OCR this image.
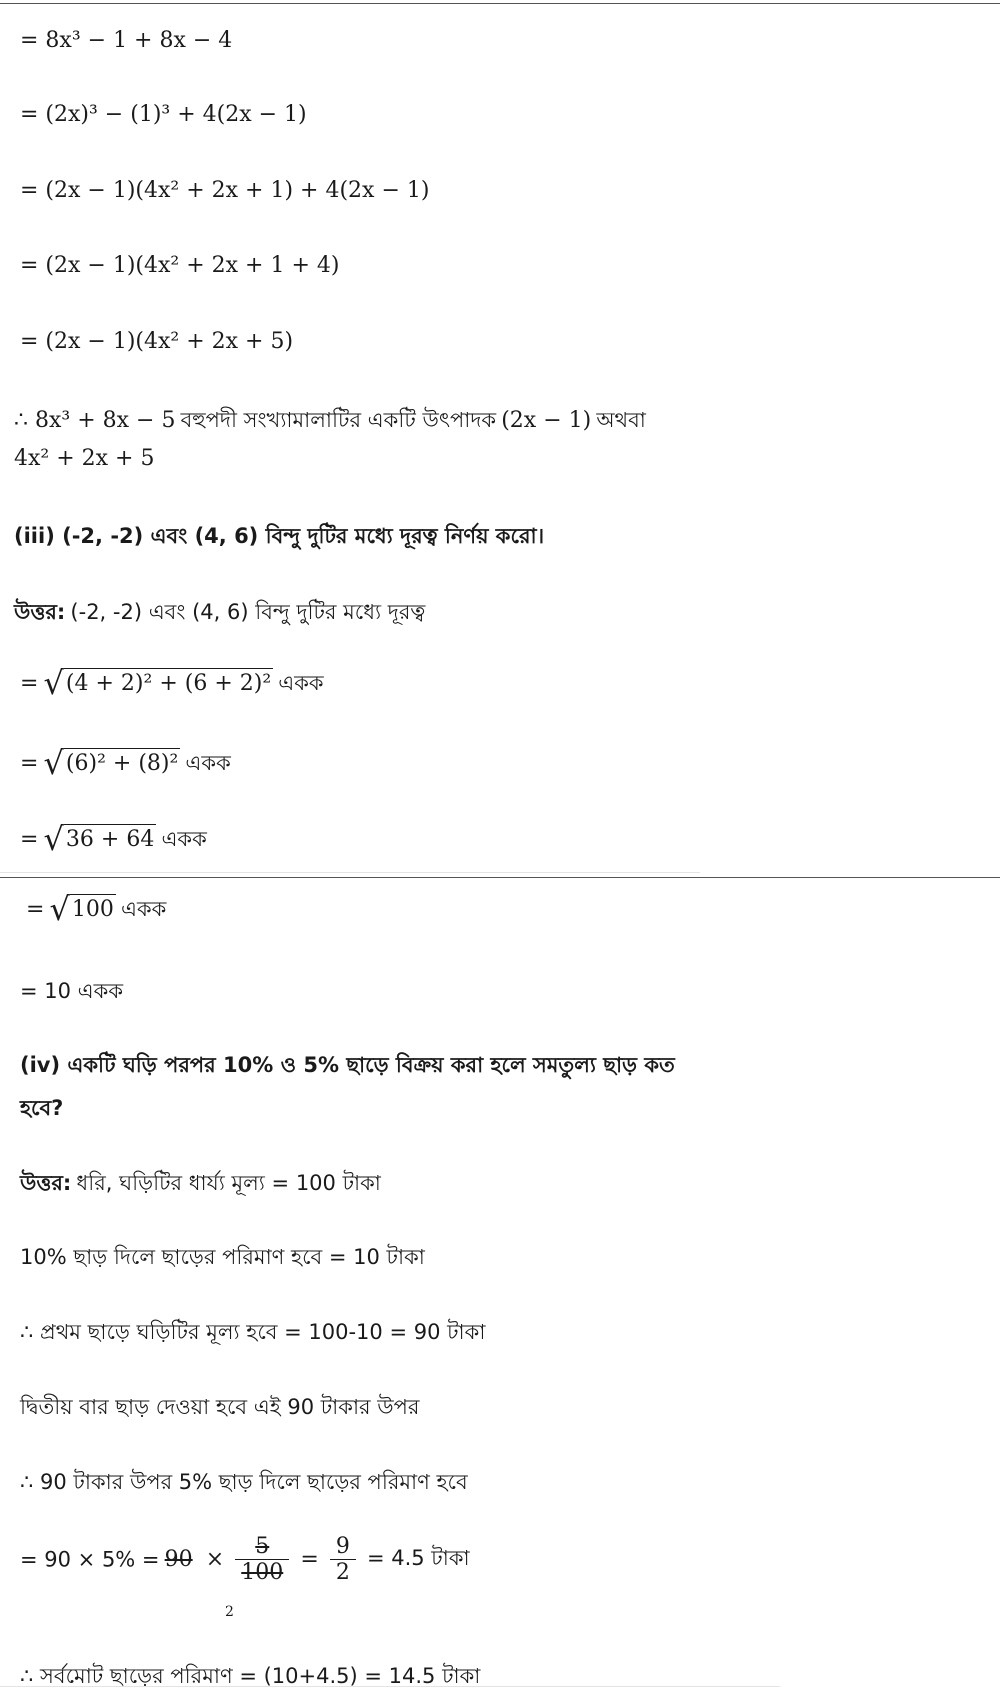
= 8x³ − 1 + 8x − 4
= (2x)³ − (1)³ + 4(2x − 1)
= (2x − 1)(4x² + 2x + 1) + 4(2x − 1)
= (2x − 1)(4x² + 2x + 1 + 4)
= (2x − 1)(4x² + 2x + 5)
∴ 8x³ + 8x − 5 বহুপদী সংখ্যামালাটির একটি উৎপাদক (2x − 1) অথবা
4x² + 2x + 5
(iii) (-2, -2) এবং (4, 6) বিন্দু দুটির মধ্যে দূরত্ব নির্ণয় করো।
উত্তর: (-2, -2) এবং (4, 6) বিন্দু দুটির মধ্যে দূরত্ব
= √(4 + 2)² + (6 + 2)² একক
= √(6)² + (8)² একক
= √36 + 64 একক
= √100 একক
= 10 একক
(iv) একটি ঘড়ি পরপর 10% ও 5% ছাড়ে বিক্রয় করা হলে সমতুল্য ছাড় কত
হবে?
উত্তর: ধরি, ঘড়িটির ধার্য্য মূল্য = 100 টাকা
10% ছাড় দিলে ছাড়ের পরিমাণ হবে = 10 টাকা
∴ প্রথম ছাড়ে ঘড়িটির মূল্য হবে = 100-10 = 90 টাকা
দ্বিতীয় বার ছাড় দেওয়া হবে এই 90 টাকার উপর
∴ 90 টাকার উপর 5% ছাড় দিলে ছাড়ের পরিমাণ হবে
= $90 \times 5\% = 90 \times \frac{5}{100} = \frac{9}{2} = 4.5$ টাকা
2
∴ সর্বমোট ছাড়ের পরিমাণ = (10+4.5) = 14.5 টাকা
